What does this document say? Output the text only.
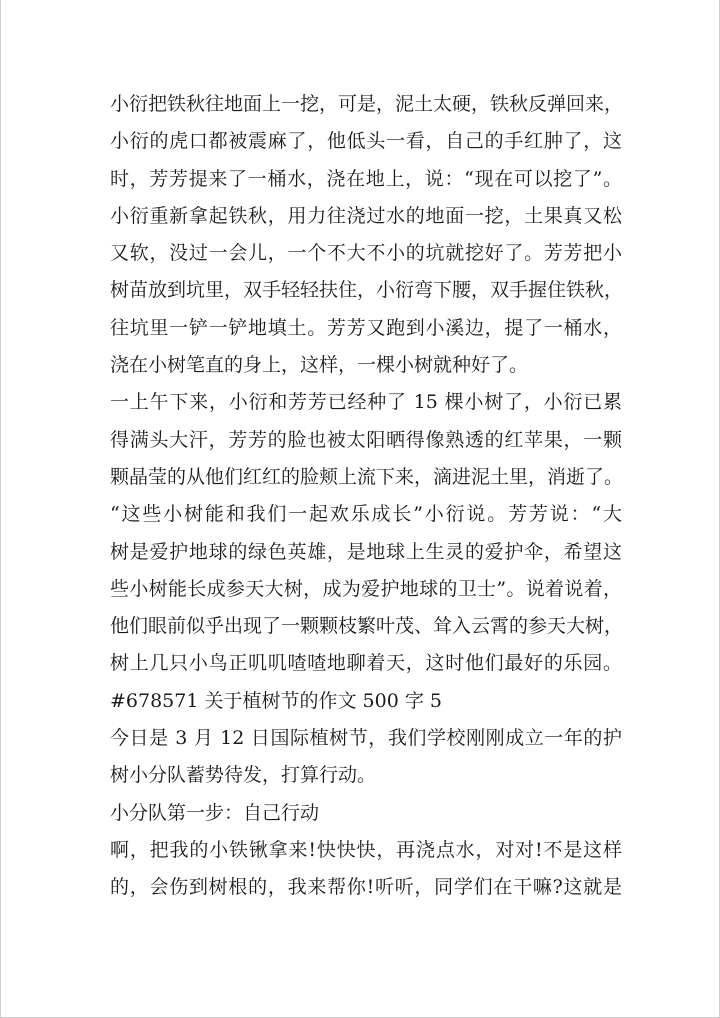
小衍把铁秋往地面上一挖，可是，泥土太硬，铁秋反弹回来，
小衍的虎口都被震麻了，他低头一看，自己的手红肿了，这
时，芳芳提来了一桶水，浇在地上，说：“现在可以挖了”。
小衍重新拿起铁秋，用力往浇过水的地面一挖，土果真又松
又软，没过一会儿，一个不大不小的坑就挖好了。芳芳把小
树苗放到坑里，双手轻轻扶住，小衍弯下腰，双手握住铁秋，
往坑里一铲一铲地填土。芳芳又跑到小溪边，提了一桶水，
浇在小树笔直的身上，这样，一棵小树就种好了。
一上午下来，小衍和芳芳已经种了 15 棵小树了，小衍已累
得满头大汗，芳芳的脸也被太阳晒得像熟透的红苹果，一颗
颗晶莹的从他们红红的脸颊上流下来，滴进泥土里，消逝了。
“这些小树能和我们一起欢乐成长”小衍说。芳芳说：“大
树是爱护地球的绿色英雄，是地球上生灵的爱护伞，希望这
些小树能长成参天大树，成为爱护地球的卫士”。说着说着，
他们眼前似乎出现了一颗颗枝繁叶茂、耸入云霄的参天大树，
树上几只小鸟正叽叽喳喳地聊着天，这时他们最好的乐园。
#678571 关于植树节的作文 500 字 5
今日是 3 月 12 日国际植树节，我们学校刚刚成立一年的护
树小分队蓄势待发，打算行动。
小分队第一步：自己行动
啊，把我的小铁锹拿来!快快快，再浇点水，对对!不是这样
的，会伤到树根的，我来帮你!听听，同学们在干嘛?这就是
